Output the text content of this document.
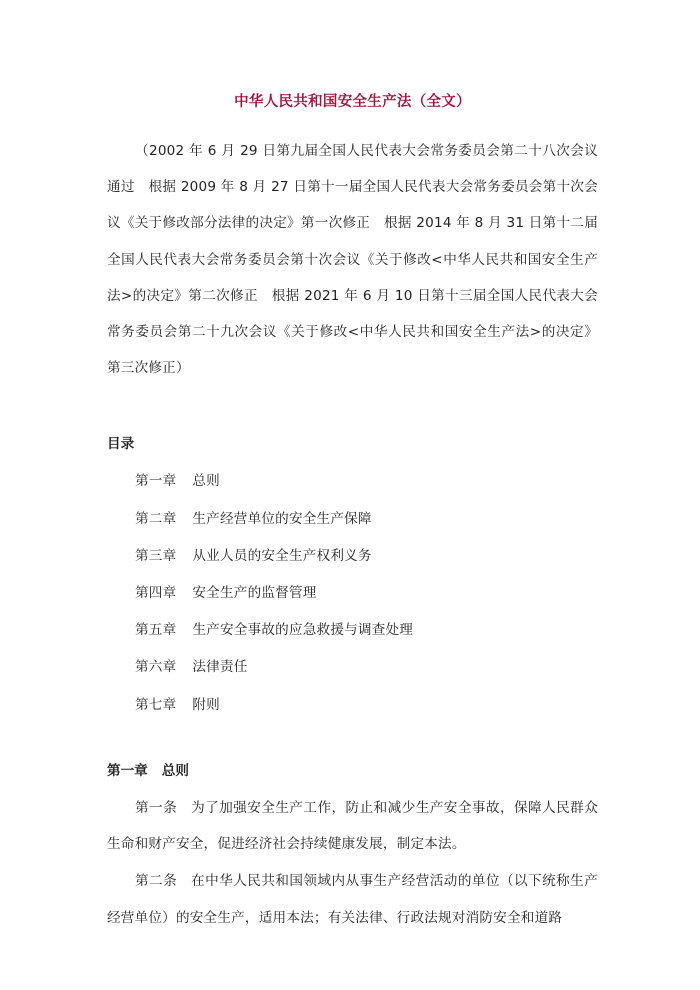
中华人民共和国安全生产法（全文）

（2002 年 6 月 29 日第九届全国人民代表大会常务委员会第二十八次会议通过　根据 2009 年 8 月 27 日第十一届全国人民代表大会常务委员会第十次会议《关于修改部分法律的决定》第一次修正　根据 2014 年 8 月 31 日第十二届全国人民代表大会常务委员会第十次会议《关于修改<中华人民共和国安全生产法>的决定》第二次修正　根据 2021 年 6 月 10 日第十三届全国人民代表大会常务委员会第二十九次会议《关于修改<中华人民共和国安全生产法>的决定》第三次修正）

目录
第一章 总则
第二章 生产经营单位的安全生产保障
第三章 从业人员的安全生产权利义务
第四章 安全生产的监督管理
第五章 生产安全事故的应急救援与调查处理
第六章 法律责任
第七章 附则
第一章 总则

第一条 为了加强安全生产工作，防止和减少生产安全事故，保障人民群众生命和财产安全，促进经济社会持续健康发展，制定本法。

第二条 在中华人民共和国领域内从事生产经营活动的单位（以下统称生产经营单位）的安全生产，适用本法；有关法律、行政法规对消防安全和道路
